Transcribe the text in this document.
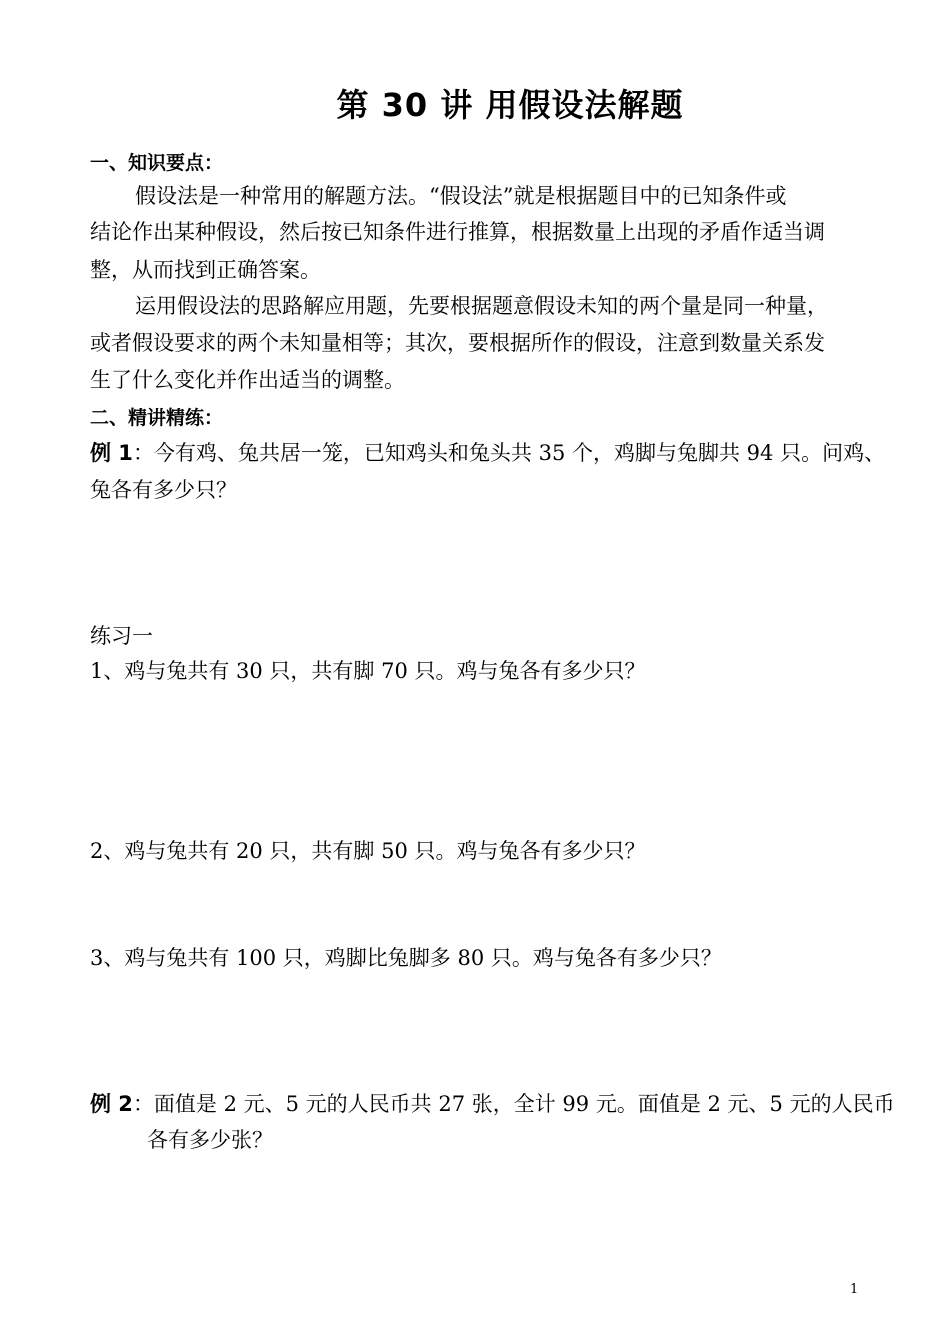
第 30 讲 用假设法解题
一、知识要点：
假设法是一种常用的解题方法。“假设法”就是根据题目中的已知条件或
结论作出某种假设，然后按已知条件进行推算，根据数量上出现的矛盾作适当调
整，从而找到正确答案。
运用假设法的思路解应用题，先要根据题意假设未知的两个量是同一种量，
或者假设要求的两个未知量相等；其次，要根据所作的假设，注意到数量关系发
生了什么变化并作出适当的调整。
二、精讲精练：
例 1：今有鸡、兔共居一笼，已知鸡头和兔头共 35 个，鸡脚与兔脚共 94 只。问鸡、
兔各有多少只？
练习一
1、鸡与兔共有 30 只，共有脚 70 只。鸡与兔各有多少只？
2、鸡与兔共有 20 只，共有脚 50 只。鸡与兔各有多少只？
3、鸡与兔共有 100 只，鸡脚比兔脚多 80 只。鸡与兔各有多少只？
例 2：面值是 2 元、5 元的人民币共 27 张，全计 99 元。面值是 2 元、5 元的人民币
各有多少张？
1
